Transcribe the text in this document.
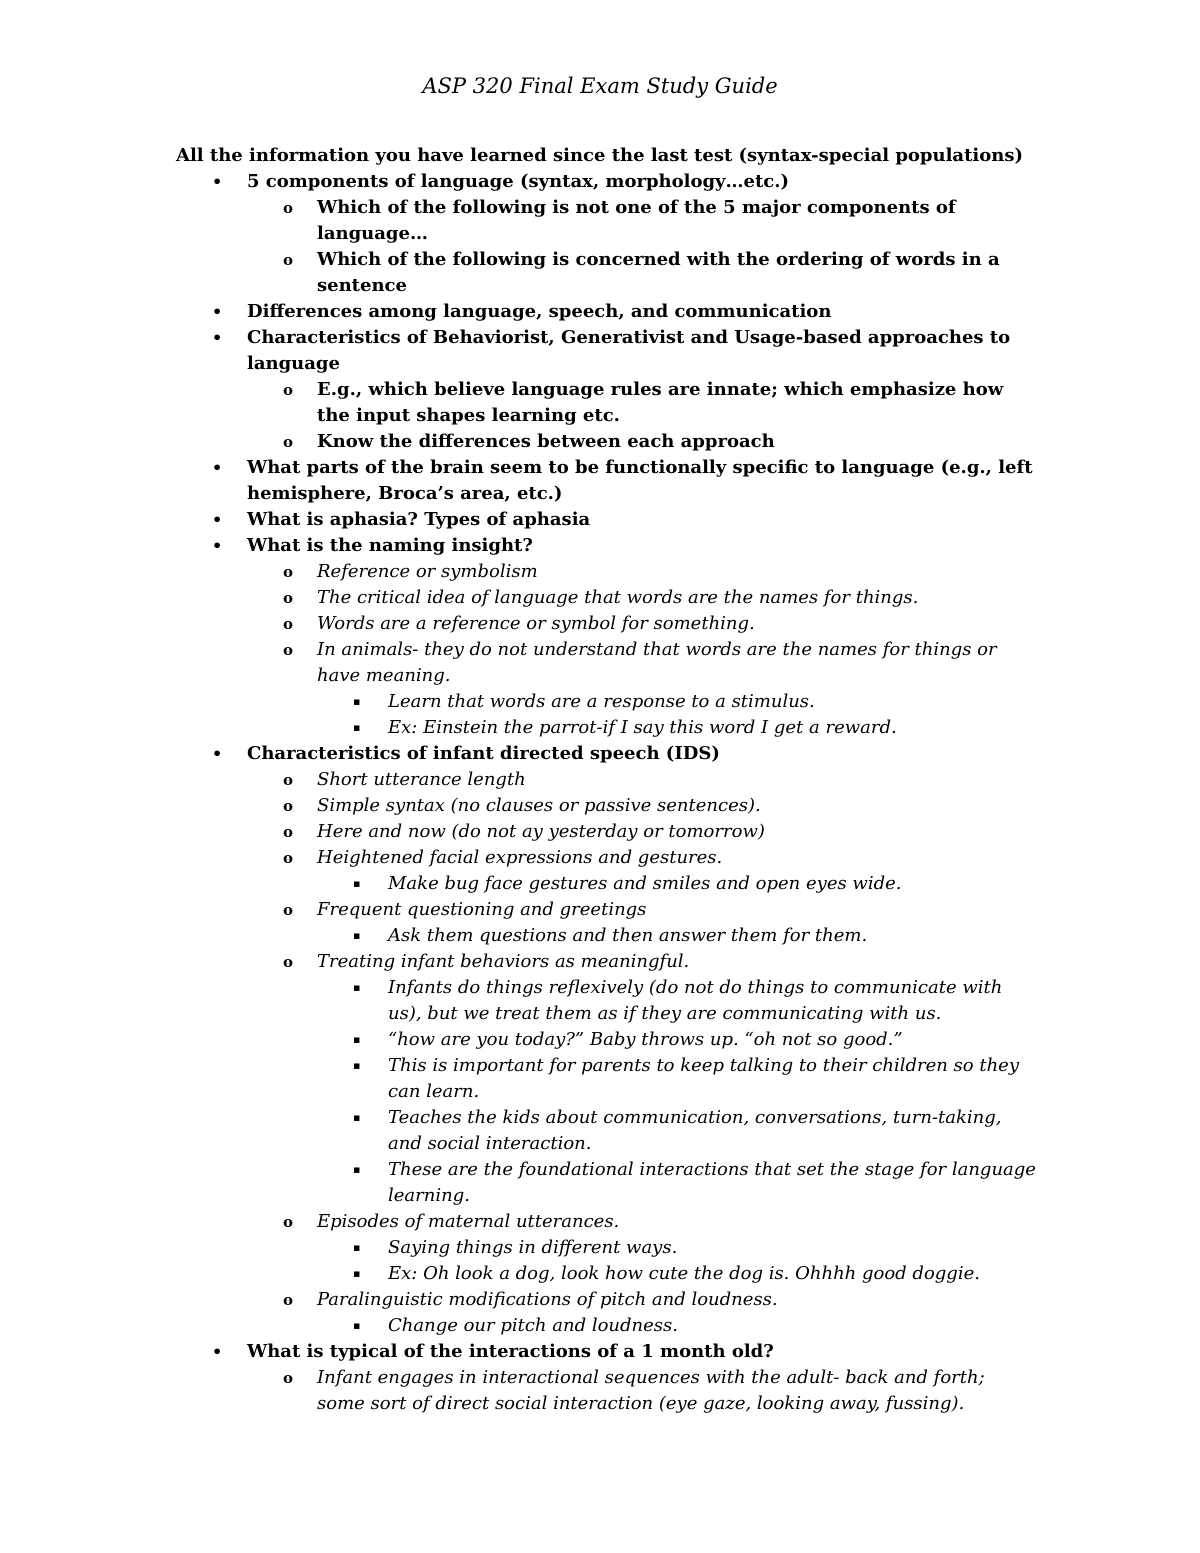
ASP 320 Final Exam Study Guide

All the information you have learned since the last test (syntax-special populations)

• 5 components of language (syntax, morphology…etc.)
o Which of the following is not one of the 5 major components of language…
o Which of the following is concerned with the ordering of words in a sentence
• Differences among language, speech, and communication
• Characteristics of Behaviorist, Generativist and Usage-based approaches to language
o E.g., which believe language rules are innate; which emphasize how the input shapes learning etc.
o Know the differences between each approach
• What parts of the brain seem to be functionally specific to language (e.g., left hemisphere, Broca’s area, etc.)
• What is aphasia? Types of aphasia
• What is the naming insight?
o Reference or symbolism
o The critical idea of language that words are the names for things.
o Words are a reference or symbol for something.
o In animals- they do not understand that words are the names for things or have meaning.
▪ Learn that words are a response to a stimulus.
▪ Ex: Einstein the parrot-if I say this word I get a reward.
• Characteristics of infant directed speech (IDS)
o Short utterance length
o Simple syntax (no clauses or passive sentences).
o Here and now (do not ay yesterday or tomorrow)
o Heightened facial expressions and gestures.
▪ Make bug face gestures and smiles and open eyes wide.
o Frequent questioning and greetings
▪ Ask them questions and then answer them for them.
o Treating infant behaviors as meaningful.
▪ Infants do things reflexively (do not do things to communicate with us), but we treat them as if they are communicating with us.
▪ “how are you today?” Baby throws up. “oh not so good.”
▪ This is important for parents to keep talking to their children so they can learn.
▪ Teaches the kids about communication, conversations, turn-taking, and social interaction.
▪ These are the foundational interactions that set the stage for language learning.
o Episodes of maternal utterances.
▪ Saying things in different ways.
▪ Ex: Oh look a dog, look how cute the dog is. Ohhhh good doggie.
o Paralinguistic modifications of pitch and loudness.
▪ Change our pitch and loudness.
• What is typical of the interactions of a 1 month old?
o Infant engages in interactional sequences with the adult- back and forth; some sort of direct social interaction (eye gaze, looking away, fussing).
